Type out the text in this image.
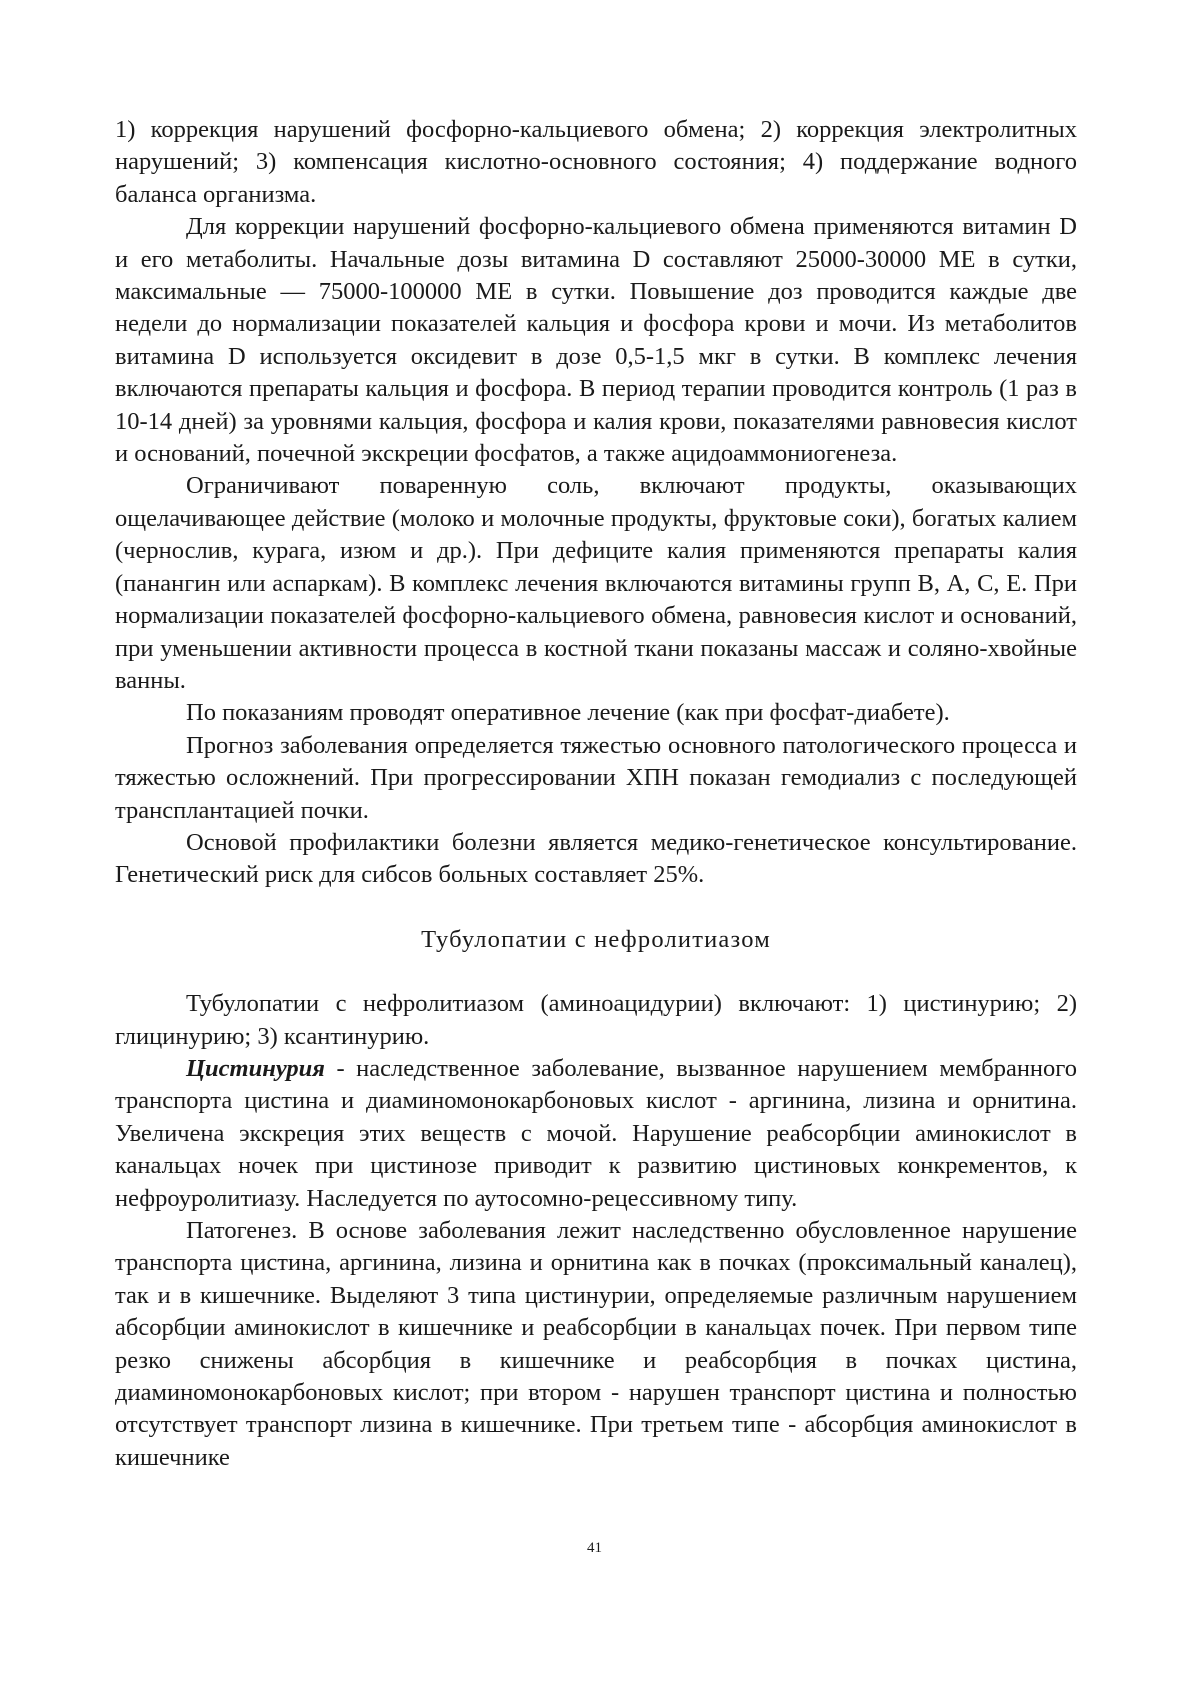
1) коррекция нарушений фосфорно-кальциевого обмена; 2) коррекция электролитных нарушений; 3) компенсация кислотно-основного состояния; 4) поддержание водного баланса организма.

Для коррекции нарушений фосфорно-кальциевого обмена применяются витамин D и его метаболиты. Начальные дозы витамина D составляют 25000-30000 МЕ в сутки, максимальные — 75000-100000 МЕ в сутки. Повышение доз проводится каждые две недели до нормализации показателей кальция и фосфора крови и мочи. Из метаболитов витамина D используется оксидевит в дозе 0,5-1,5 мкг в сутки. В комплекс лечения включаются препараты кальция и фосфора. В период терапии проводится контроль (1 раз в 10-14 дней) за уровнями кальция, фосфора и калия крови, показателями равновесия кислот и оснований, почечной экскреции фосфатов, а также ацидоаммониогенеза.

Ограничивают поваренную соль, включают продукты, оказывающих ощелачивающее действие (молоко и молочные продукты, фруктовые соки), богатых калием (чернослив, курага, изюм и др.). При дефиците калия применяются препараты калия (панангин или аспаркам). В комплекс лечения включаются витамины групп В, А, С, Е. При нормализации показателей фосфорно-кальциевого обмена, равновесия кислот и оснований, при уменьшении активности процесса в костной ткани показаны массаж и соляно-хвойные ванны.

По показаниям проводят оперативное лечение (как при фосфат-диабете).

Прогноз заболевания определяется тяжестью основного патологического процесса и тяжестью осложнений. При прогрессировании ХПН показан гемодиализ с последующей трансплантацией почки.

Основой профилактики болезни является медико-генетическое консультирование. Генетический риск для сибсов больных составляет 25%.

Тубулопатии с нефролитиазом

Тубулопатии с нефролитиазом (аминоацидурии) включают: 1) цистинурию; 2) глицинурию; 3) ксантинурию.

Цистинурия - наследственное заболевание, вызванное нарушением мембранного транспорта цистина и диаминомонокарбоновых кислот - аргинина, лизина и орнитина. Увеличена экскреция этих веществ с мочой. Нарушение реабсорбции аминокислот в канальцах ночек при цистинозе приводит к развитию цистиновых конкрементов, к нефроуролитиазу. Наследуется по аутосомно-рецессивному типу.

Патогенез. В основе заболевания лежит наследственно обусловленное нарушение транспорта цистина, аргинина, лизина и орнитина как в почках (проксимальный каналец), так и в кишечнике. Выделяют 3 типа цистинурии, определяемые различным нарушением абсорбции аминокислот в кишечнике и реабсорбции в канальцах почек. При первом типе резко снижены абсорбция в кишечнике и реабсорбция в почках цистина, диаминомонокарбоновых кислот; при втором - нарушен транспорт цистина и полностью отсутствует транспорт лизина в кишечнике. При третьем типе - абсорбция аминокислот в кишечнике

41
